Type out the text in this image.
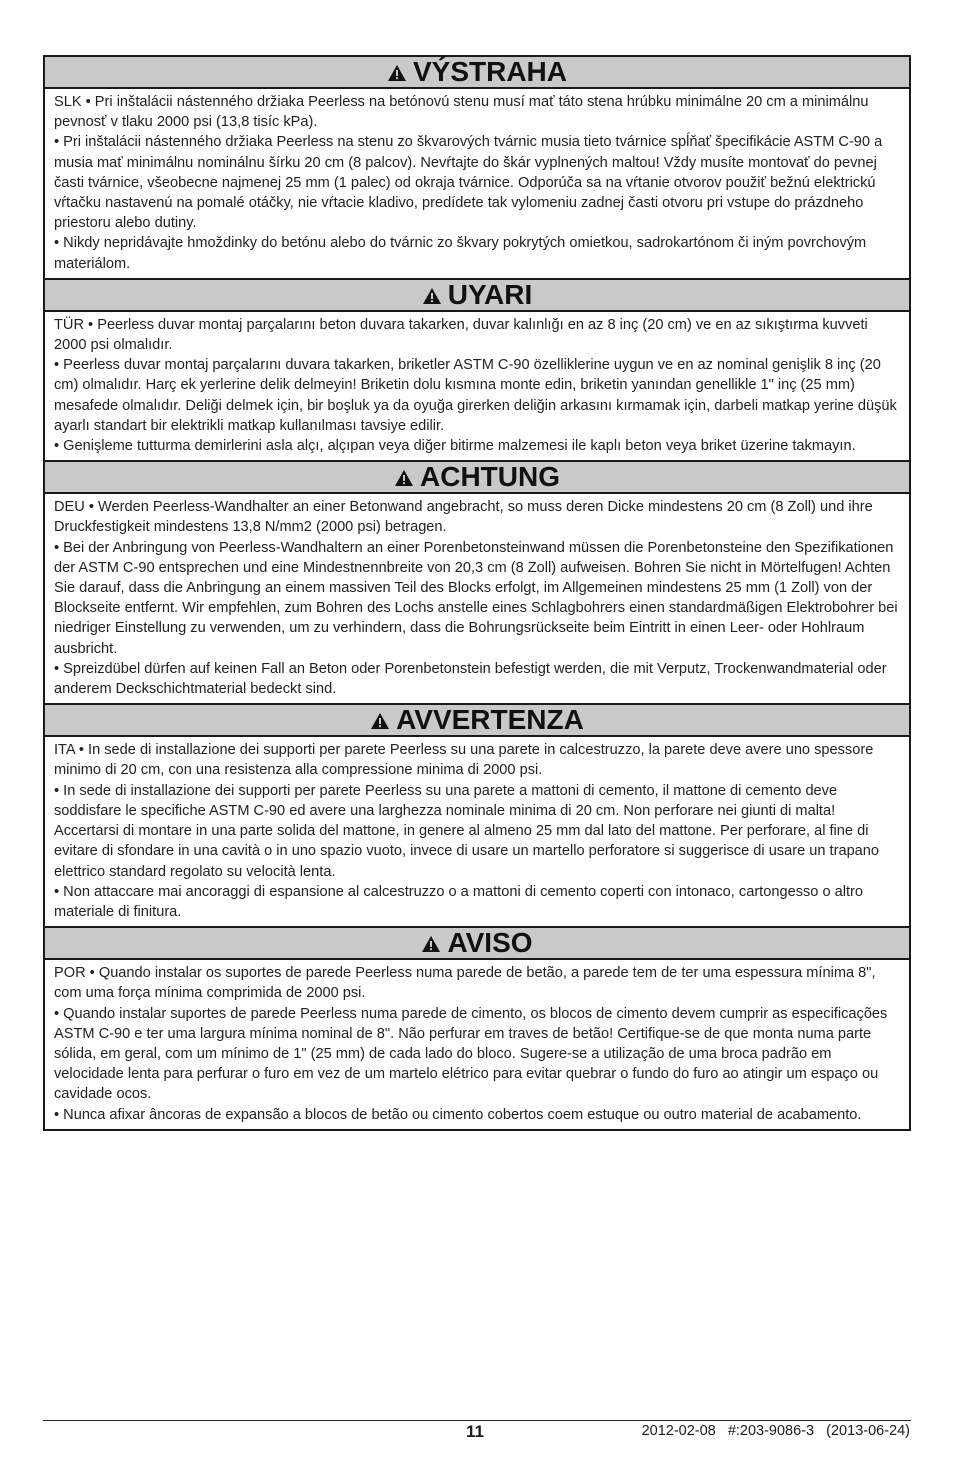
VÝSTRAHA

SLK • Pri inštalácii nástenného držiaka Peerless na betónovú stenu musí mať táto stena hrúbku minimálne 20 cm a minimálnu pevnosť v tlaku 2000 psi (13,8 tisíc kPa).

• Pri inštalácii nástenného držiaka Peerless na stenu zo škvarových tvárnic musia tieto tvárnice spĺňať špecifikácie ASTM C-90 a musia mať minimálnu nominálnu šírku 20 cm (8 palcov). Nevŕtajte do škár vyplnených maltou! Vždy musíte montovať do pevnej časti tvárnice, všeobecne najmenej 25 mm (1 palec) od okraja tvárnice. Odporúča sa na vŕtanie otvorov použiť bežnú elektrickú vŕtačku nastavenú na pomalé otáčky, nie vŕtacie kladivo, predídete tak vylomeniu zadnej časti otvoru pri vstupe do prázdneho priestoru alebo dutiny.

• Nikdy nepridávajte hmoždinky do betónu alebo do tvárnic zo škvary pokrytých omietkou, sadrokartónom či iným povrchovým materiálom.

UYARI

TÜR • Peerless duvar montaj parçalarını beton duvara takarken, duvar kalınlığı en az 8 inç (20 cm) ve en az sıkıştırma kuvveti 2000 psi olmalıdır.

• Peerless duvar montaj parçalarını duvara takarken, briketler ASTM C-90 özelliklerine uygun ve en az nominal genişlik 8 inç (20 cm) olmalıdır. Harç ek yerlerine delik delmeyin! Briketin dolu kısmına monte edin, briketin yanından genellikle 1" inç (25 mm) mesafede olmalıdır. Deliği delmek için, bir boşluk ya da oyuğa girerken deliğin arkasını kırmamak için, darbeli matkap yerine düşük ayarlı standart bir elektrikli matkap kullanılması tavsiye edilir.

• Genişleme tutturma demirlerini asla alçı, alçıpan veya diğer bitirme malzemesi ile kaplı beton veya briket üzerine takmayın.

ACHTUNG

DEU • Werden Peerless-Wandhalter an einer Betonwand angebracht, so muss deren Dicke mindestens 20 cm (8 Zoll) und ihre Druckfestigkeit mindestens 13,8 N/mm2 (2000 psi) betragen.

• Bei der Anbringung von Peerless-Wandhaltern an einer Porenbetonsteinwand müssen die Porenbetonsteine den Spezifikationen der ASTM C-90 entsprechen und eine Mindestnennbreite von 20,3 cm (8 Zoll) aufweisen. Bohren Sie nicht in Mörtelfugen! Achten Sie darauf, dass die Anbringung an einem massiven Teil des Blocks erfolgt, im Allgemeinen mindestens 25 mm (1 Zoll) von der Blockseite entfernt. Wir empfehlen, zum Bohren des Lochs anstelle eines Schlagbohrers einen standardmäßigen Elektrobohrer bei niedriger Einstellung zu verwenden, um zu verhindern, dass die Bohrungsrückseite beim Eintritt in einen Leer- oder Hohlraum ausbricht.

• Spreizdübel dürfen auf keinen Fall an Beton oder Porenbetonstein befestigt werden, die mit Verputz, Trockenwandmaterial oder anderem Deckschichtmaterial bedeckt sind.

AVVERTENZA

ITA • In sede di installazione dei supporti per parete Peerless su una parete in calcestruzzo, la parete deve avere uno spessore minimo di 20 cm, con una resistenza alla compressione minima di 2000 psi.

• In sede di installazione dei supporti per parete Peerless su una parete a mattoni di cemento, il mattone di cemento deve soddisfare le specifiche ASTM C-90 ed avere una larghezza nominale minima di 20 cm. Non perforare nei giunti di malta! Accertarsi di montare in una parte solida del mattone, in genere al almeno 25 mm dal lato del mattone. Per perforare, al fine di evitare di sfondare in una cavità o in uno spazio vuoto, invece di usare un martello perforatore si suggerisce di usare un trapano elettrico standard regolato su velocità lenta.

• Non attaccare mai ancoraggi di espansione al calcestruzzo o a mattoni di cemento coperti con intonaco, cartongesso o altro materiale di finitura.

AVISO

POR • Quando instalar os suportes de parede Peerless numa parede de betão, a parede tem de ter uma espessura mínima 8", com uma força mínima comprimida de 2000 psi.

• Quando instalar suportes de parede Peerless numa parede de cimento, os blocos de cimento devem cumprir as especificações ASTM C-90 e ter uma largura mínima nominal de 8". Não perfurar em traves de betão! Certifique-se de que monta numa parte sólida, em geral, com um mínimo de 1" (25 mm) de cada lado do bloco. Sugere-se a utilização de uma broca padrão em velocidade lenta para perfurar o furo em vez de um martelo elétrico para evitar quebrar o fundo do furo ao atingir um espaço ou cavidade ocos.

• Nunca afixar âncoras de expansão a blocos de betão ou cimento cobertos coem estuque ou outro material de acabamento.

11	2012-02-08   #:203-9086-3   (2013-06-24)
